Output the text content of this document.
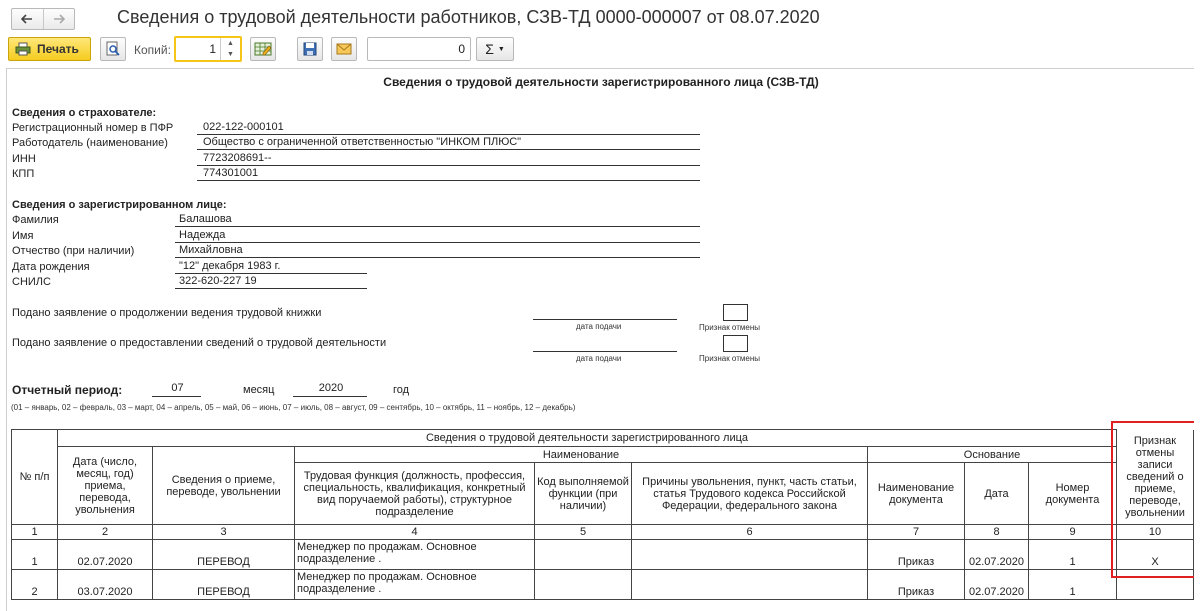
Сведения о трудовой деятельности работников, СЗВ-ТД 0000-000007 от 08.07.2020
Печать	Копий:	1 ▲
▼	0 Σ ▼
Сведения о трудовой деятельности зарегистрированного лица (СЗВ-ТД)
Сведения о страхователе:
Регистрационный номер в ПФР	022-122-000101
Работодатель (наименование)	Общество с ограниченной ответственностью "ИНКОМ ПЛЮС"
ИНН	7723208691--
КПП	774301001
Сведения о зарегистрированном лице:
Фамилия	Балашова
Имя	Надежда
Отчество (при наличии)	Михайловна
Дата рождения	"12" декабря 1983 г.
СНИЛС	322-620-227 19
Подано заявление о продолжении ведения трудовой книжки
дата подачи	Признак отмены
Подано заявление о предоставлении сведений о трудовой деятельности
дата подачи	Признак отмены
Отчетный период:	07	месяц	2020	год
(01 – январь, 02 – февраль, 03 – март, 04 – апрель, 05 – май, 06 – июнь, 07 – июль, 08 – август, 09 – сентябрь, 10 – октябрь, 11 – ноябрь, 12 – декабрь)
№ п/п	Сведения о трудовой деятельности зарегистрированного лица								Признак отмены записи сведений о приеме, переводе, увольнении
	Дата (число, месяц, год) приема, перевода, увольнения	Сведения о приеме, переводе, увольнении	Наименование			Основание			
			Трудовая функция (должность, профессия, специальность, квалификация, конкретный вид поручаемой работы), структурное подразделение	Код выполняемой функции (при наличии)	Причины увольнения, пункт, часть статьи, статья Трудового кодекса Российской Федерации, федерального закона	Наименование документа	Дата	Номер документа	
1	2	3	4	5	6	7	8	9	10
1	02.07.2020	ПЕРЕВОД	Менеджер по продажам. Основное подразделение .			Приказ	02.07.2020	1	X
2	03.07.2020	ПЕРЕВОД	Менеджер по продажам. Основное подразделение .			Приказ	02.07.2020	1	
